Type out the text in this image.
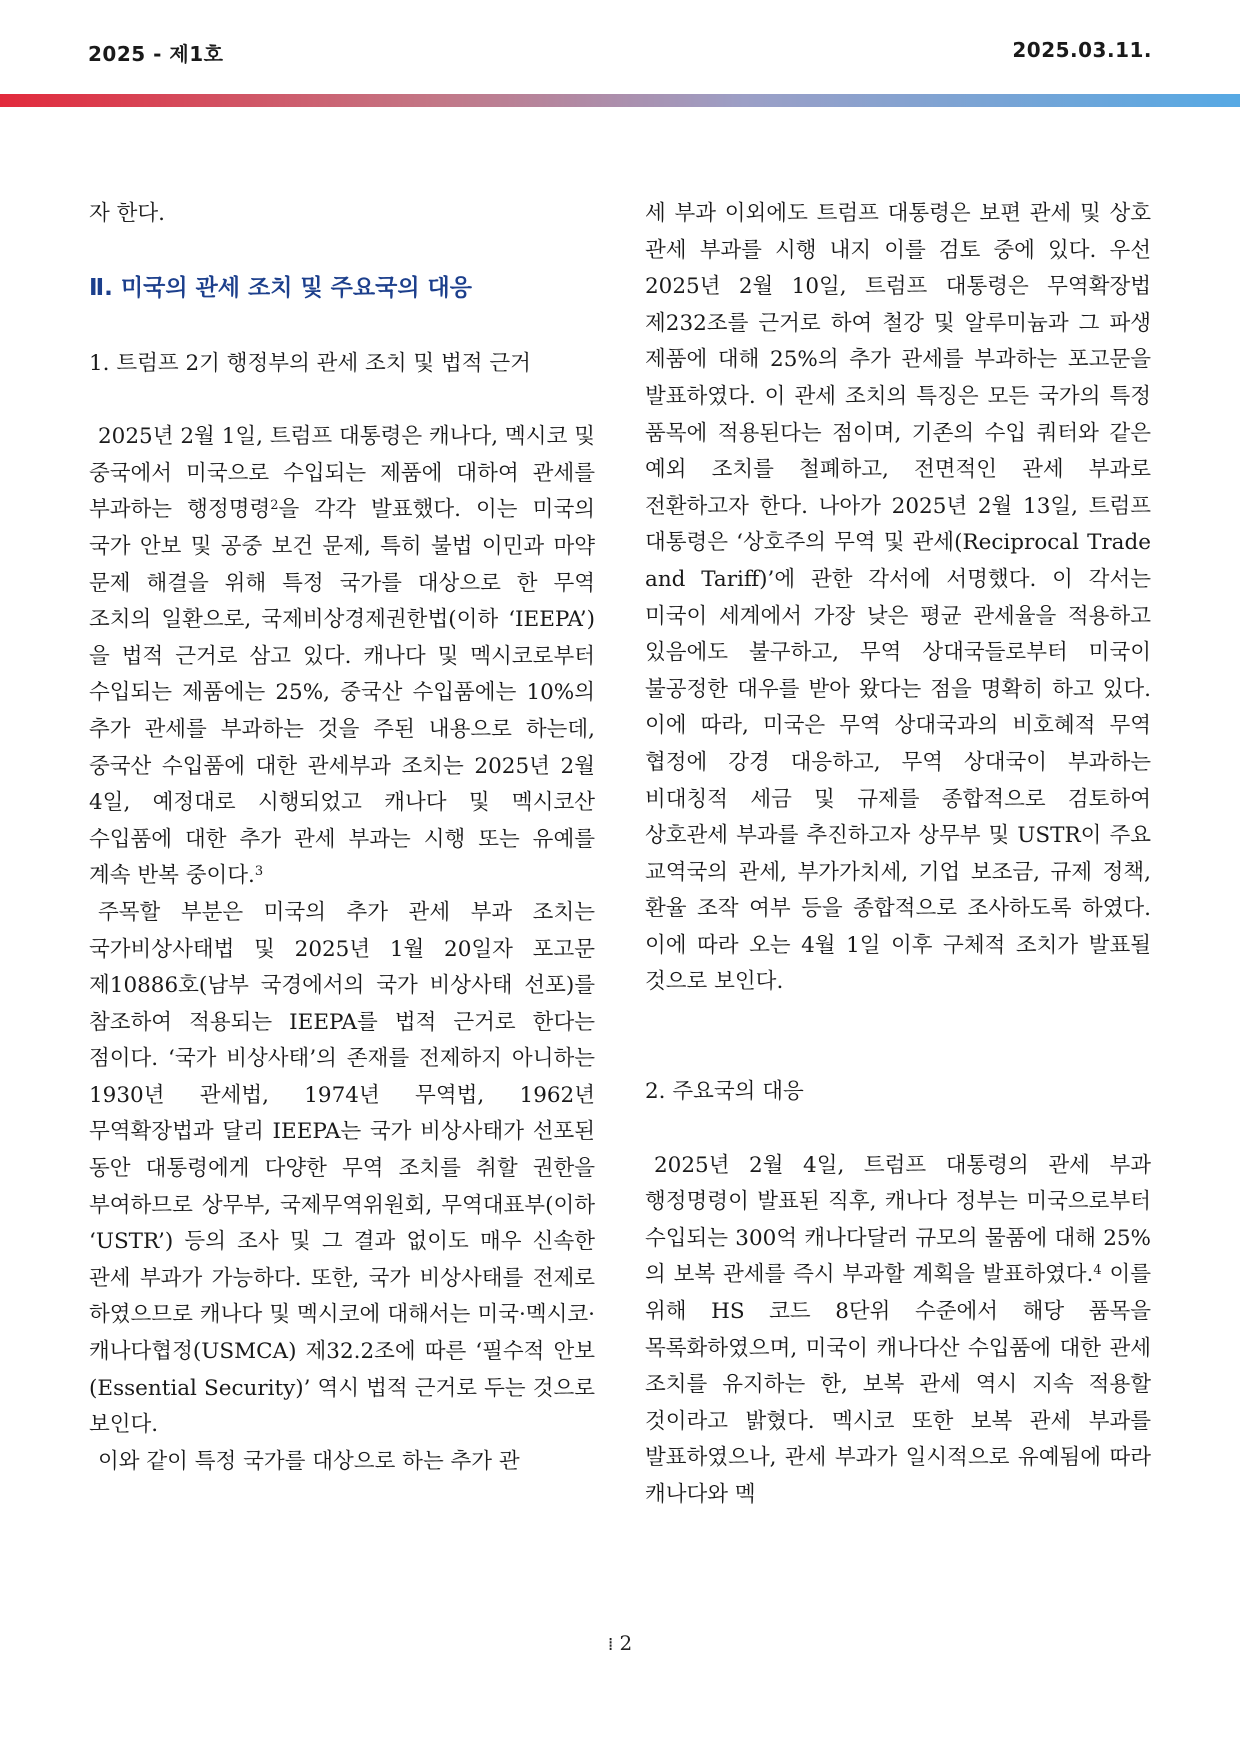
2025 - 제1호	2025.03.11.

자 한다.

Ⅱ. 미국의 관세 조치 및 주요국의 대응
1. 트럼프 2기 행정부의 관세 조치 및 법적 근거

2025년 2월 1일, 트럼프 대통령은 캐나다, 멕시코 및 중국에서 미국으로 수입되는 제품에 대하여 관세를 부과하는 행정명령$^2$을 각각 발표했다. 이는 미국의 국가 안보 및 공중 보건 문제, 특히 불법 이민과 마약 문제 해결을 위해 특정 국가를 대상으로 한 무역 조치의 일환으로, 국제비상경제권한법(이하 ‘IEEPA’)을 법적 근거로 삼고 있다. 캐나다 및 멕시코로부터 수입되는 제품에는 25%, 중국산 수입품에는 10%의 추가 관세를 부과하는 것을 주된 내용으로 하는데, 중국산 수입품에 대한 관세부과 조치는 2025년 2월 4일, 예정대로 시행되었고 캐나다 및 멕시코산 수입품에 대한 추가 관세 부과는 시행 또는 유예를 계속 반복 중이다.$^3$

주목할 부분은 미국의 추가 관세 부과 조치는 국가비상사태법 및 2025년 1월 20일자 포고문 제10886호(남부 국경에서의 국가 비상사태 선포)를 참조하여 적용되는 IEEPA를 법적 근거로 한다는 점이다. ‘국가 비상사태’의 존재를 전제하지 아니하는 1930년 관세법, 1974년 무역법, 1962년 무역확장법과 달리 IEEPA는 국가 비상사태가 선포된 동안 대통령에게 다양한 무역 조치를 취할 권한을 부여하므로 상무부, 국제무역위원회, 무역대표부(이하 ‘USTR’) 등의 조사 및 그 결과 없이도 매우 신속한 관세 부과가 가능하다. 또한, 국가 비상사태를 전제로 하였으므로 캐나다 및 멕시코에 대해서는 미국·멕시코·캐나다협정(USMCA) 제32.2조에 따른 ‘필수적 안보(Essential Security)’ 역시 법적 근거로 두는 것으로 보인다.

이와 같이 특정 국가를 대상으로 하는 추가 관

세 부과 이외에도 트럼프 대통령은 보편 관세 및 상호 관세 부과를 시행 내지 이를 검토 중에 있다. 우선 2025년 2월 10일, 트럼프 대통령은 무역확장법 제232조를 근거로 하여 철강 및 알루미늄과 그 파생 제품에 대해 25%의 추가 관세를 부과하는 포고문을 발표하였다. 이 관세 조치의 특징은 모든 국가의 특정 품목에 적용된다는 점이며, 기존의 수입 쿼터와 같은 예외 조치를 철폐하고, 전면적인 관세 부과로 전환하고자 한다. 나아가 2025년 2월 13일, 트럼프 대통령은 ‘상호주의 무역 및 관세(Reciprocal Trade and Tariff)’에 관한 각서에 서명했다. 이 각서는 미국이 세계에서 가장 낮은 평균 관세율을 적용하고 있음에도 불구하고, 무역 상대국들로부터 미국이 불공정한 대우를 받아 왔다는 점을 명확히 하고 있다. 이에 따라, 미국은 무역 상대국과의 비호혜적 무역 협정에 강경 대응하고, 무역 상대국이 부과하는 비대칭적 세금 및 규제를 종합적으로 검토하여 상호관세 부과를 추진하고자 상무부 및 USTR이 주요 교역국의 관세, 부가가치세, 기업 보조금, 규제 정책, 환율 조작 여부 등을 종합적으로 조사하도록 하였다. 이에 따라 오는 4월 1일 이후 구체적 조치가 발표될 것으로 보인다.

2. 주요국의 대응

2025년 2월 4일, 트럼프 대통령의 관세 부과 행정명령이 발표된 직후, 캐나다 정부는 미국으로부터 수입되는 300억 캐나다달러 규모의 물품에 대해 25%의 보복 관세를 즉시 부과할 계획을 발표하였다.$^4$ 이를 위해 HS 코드 8단위 수준에서 해당 품목을 목록화하였으며, 미국이 캐나다산 수입품에 대한 관세 조치를 유지하는 한, 보복 관세 역시 지속 적용할 것이라고 밝혔다. 멕시코 또한 보복 관세 부과를 발표하였으나, 관세 부과가 일시적으로 유예됨에 따라 캐나다와 멕

⁞ 2
